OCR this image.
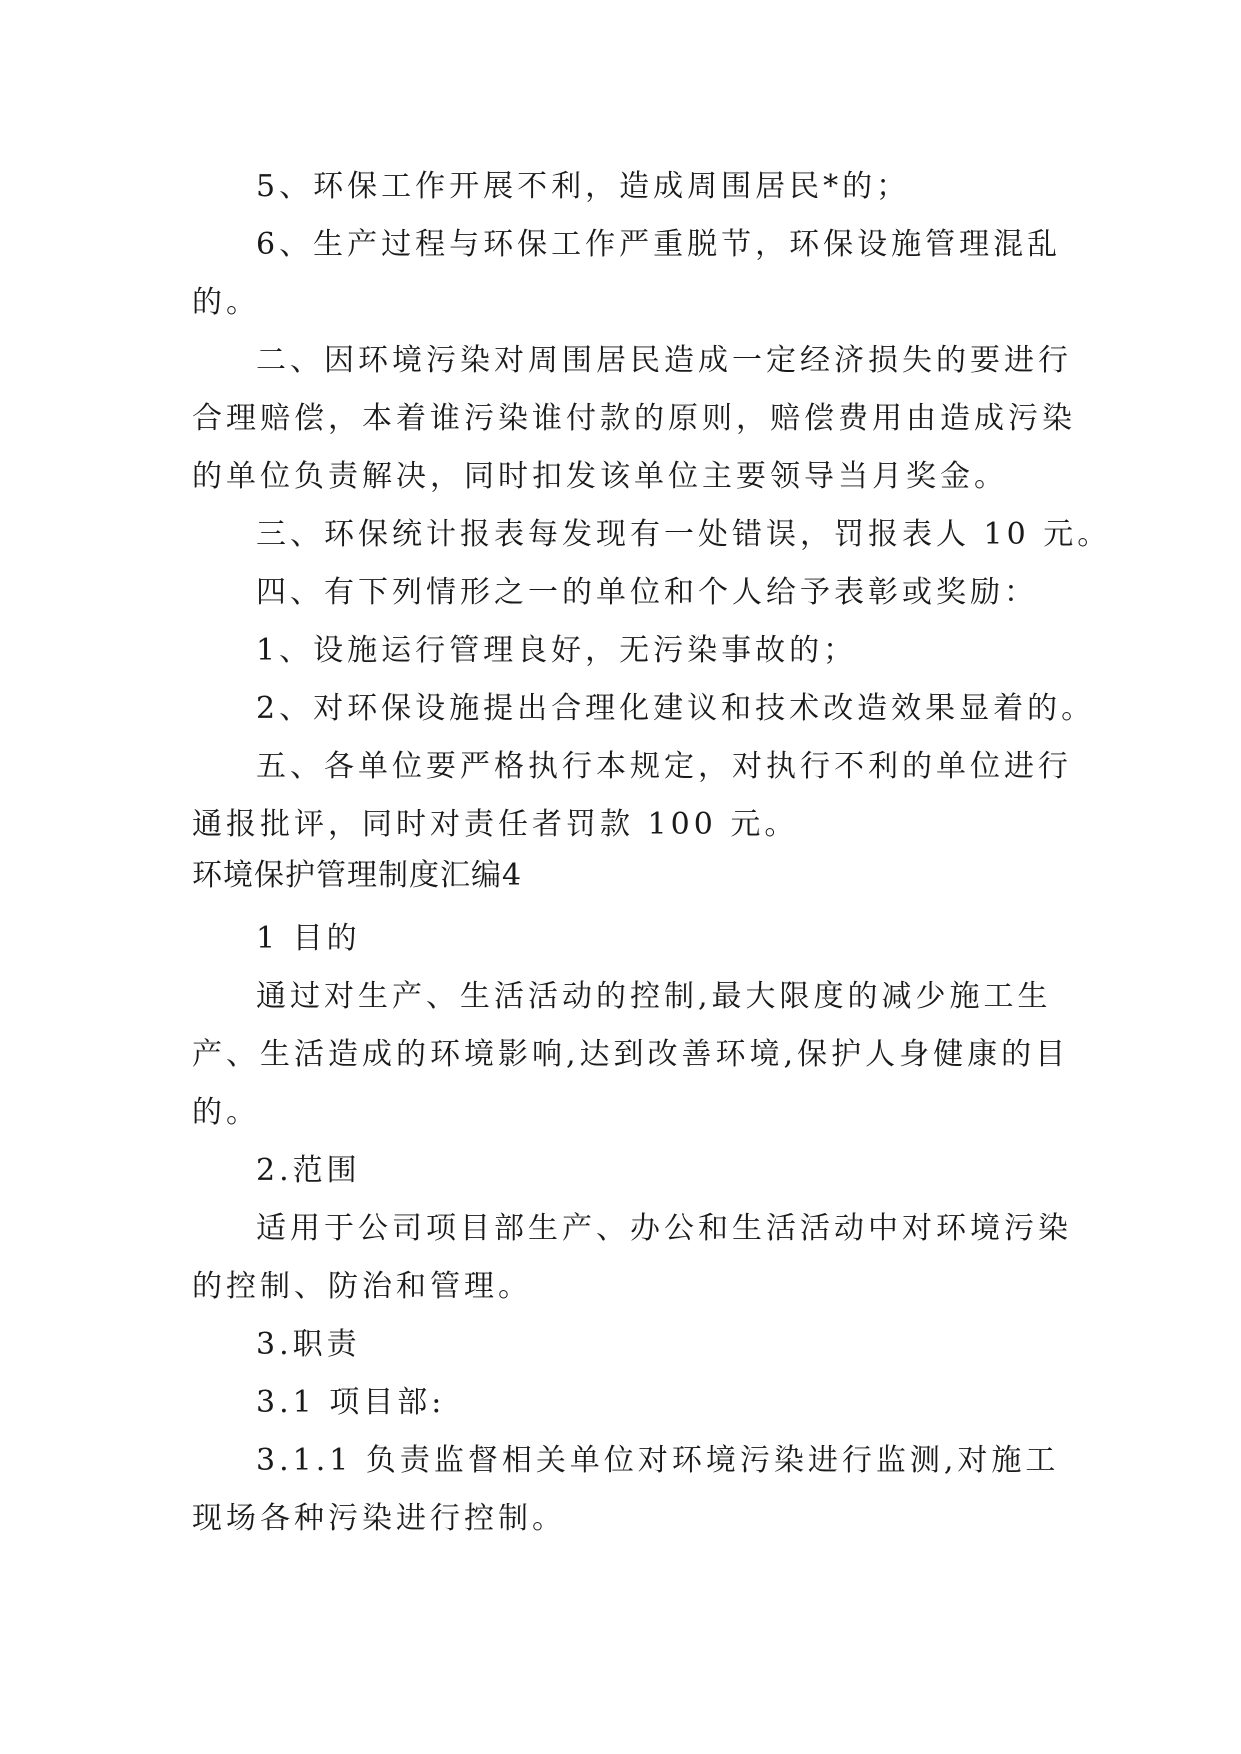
5、环保工作开展不利，造成周围居民*的；
6、生产过程与环保工作严重脱节，环保设施管理混乱
的。
二、因环境污染对周围居民造成一定经济损失的要进行
合理赔偿，本着谁污染谁付款的原则，赔偿费用由造成污染
的单位负责解决，同时扣发该单位主要领导当月奖金。
三、环保统计报表每发现有一处错误，罚报表人 10 元。
四、有下列情形之一的单位和个人给予表彰或奖励：
1、设施运行管理良好，无污染事故的；
2、对环保设施提出合理化建议和技术改造效果显着的。
五、各单位要严格执行本规定，对执行不利的单位进行
通报批评，同时对责任者罚款 100 元。
环境保护管理制度汇编4
1 目的
通过对生产、生活活动的控制,最大限度的减少施工生
产、生活造成的环境影响,达到改善环境,保护人身健康的目
的。
2.范围
适用于公司项目部生产、办公和生活活动中对环境污染
的控制、防治和管理。
3.职责
3.1 项目部:
3.1.1 负责监督相关单位对环境污染进行监测,对施工
现场各种污染进行控制。
